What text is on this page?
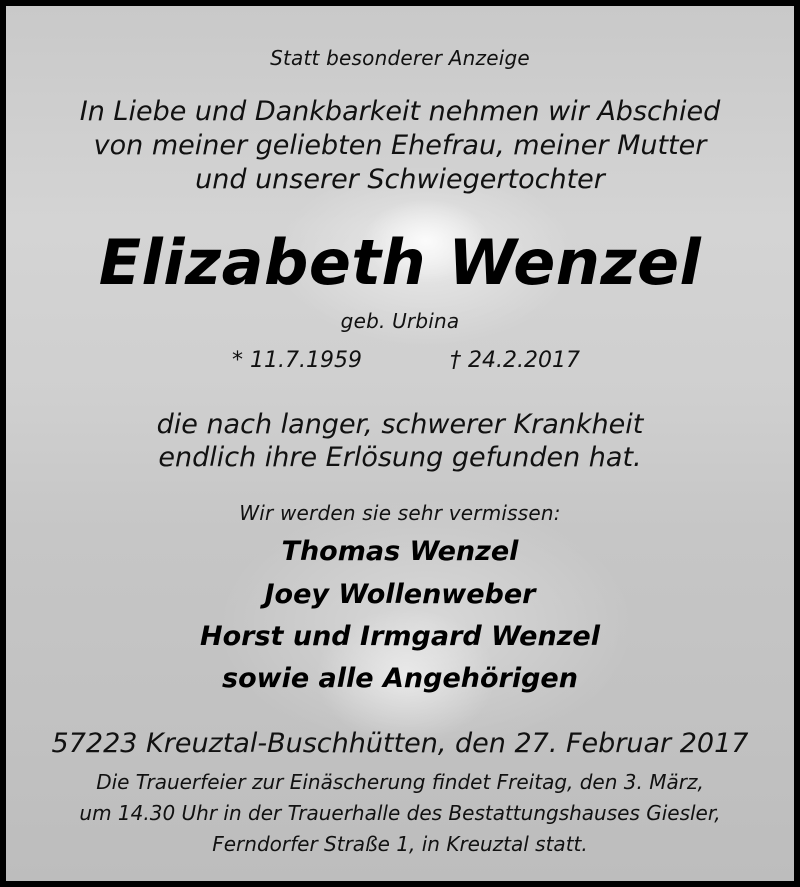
Statt besonderer Anzeige
In Liebe und Dankbarkeit nehmen wir Abschied
von meiner geliebten Ehefrau, meiner Mutter
und unserer Schwiegertochter
Elizabeth Wenzel
geb. Urbina
* 11.7.1959	† 24.2.2017
die nach langer, schwerer Krankheit
endlich ihre Erlösung gefunden hat.
Wir werden sie sehr vermissen:
Thomas Wenzel
Joey Wollenweber
Horst und Irmgard Wenzel
sowie alle Angehörigen
57223 Kreuztal-Buschhütten, den 27. Februar 2017
Die Trauerfeier zur Einäscherung findet Freitag, den 3. März,
um 14.30 Uhr in der Trauerhalle des Bestattungshauses Giesler,
Ferndorfer Straße 1, in Kreuztal statt.
